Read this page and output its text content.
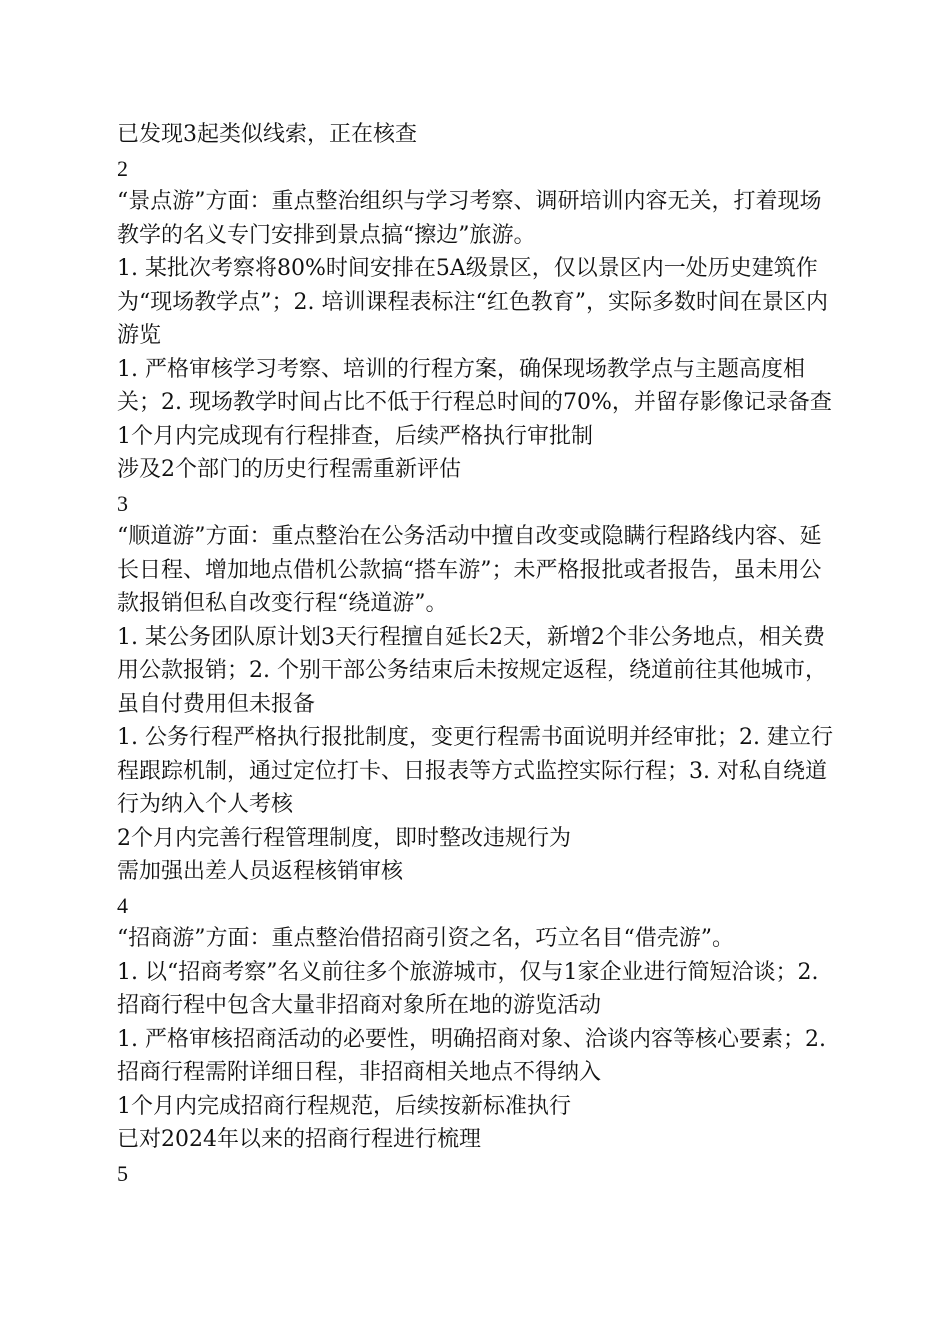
已发现3起类似线索，正在核查
2
“景点游”方面：重点整治组织与学习考察、调研培训内容无关，打着现场教学的名义专门安排到景点搞“擦边”旅游。
1. 某批次考察将80%时间安排在5A级景区，仅以景区内一处历史建筑作为“现场教学点”；2. 培训课程表标注“红色教育”，实际多数时间在景区内游览
1. 严格审核学习考察、培训的行程方案，确保现场教学点与主题高度相关；2. 现场教学时间占比不低于行程总时间的70%，并留存影像记录备查
1个月内完成现有行程排查，后续严格执行审批制
涉及2个部门的历史行程需重新评估
3
“顺道游”方面：重点整治在公务活动中擅自改变或隐瞒行程路线内容、延长日程、增加地点借机公款搞“搭车游”；未严格报批或者报告，虽未用公款报销但私自改变行程“绕道游”。
1. 某公务团队原计划3天行程擅自延长2天，新增2个非公务地点，相关费用公款报销；2. 个别干部公务结束后未按规定返程，绕道前往其他城市，虽自付费用但未报备
1. 公务行程严格执行报批制度，变更行程需书面说明并经审批；2. 建立行程跟踪机制，通过定位打卡、日报表等方式监控实际行程；3. 对私自绕道行为纳入个人考核
2个月内完善行程管理制度，即时整改违规行为
需加强出差人员返程核销审核
4
“招商游”方面：重点整治借招商引资之名，巧立名目“借壳游”。
1. 以“招商考察”名义前往多个旅游城市，仅与1家企业进行简短洽谈；2. 招商行程中包含大量非招商对象所在地的游览活动
1. 严格审核招商活动的必要性，明确招商对象、洽谈内容等核心要素；2. 招商行程需附详细日程，非招商相关地点不得纳入
1个月内完成招商行程规范，后续按新标准执行
已对2024年以来的招商行程进行梳理
5
